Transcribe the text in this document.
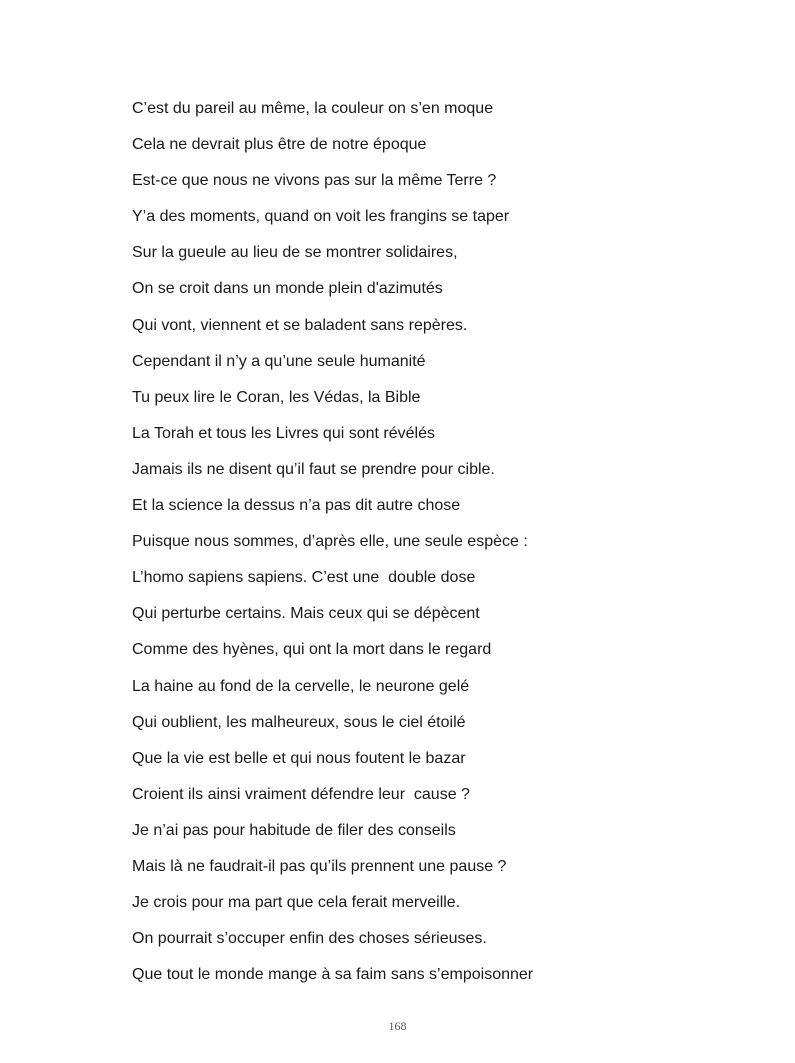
C’est du pareil au même, la couleur on s’en moque
Cela ne devrait plus être de notre époque
Est-ce que nous ne vivons pas sur la même Terre ?
Y’a des moments, quand on voit les frangins se taper
Sur la gueule au lieu de se montrer solidaires,
On se croit dans un monde plein d'azimutés
Qui vont, viennent et se baladent sans repères.
Cependant il n’y a qu’une seule humanité
Tu peux lire le Coran, les Védas, la Bible
La Torah et tous les Livres qui sont révélés
Jamais ils ne disent qu’il faut se prendre pour cible.
Et la science la dessus n’a pas dit autre chose
Puisque nous sommes, d’après elle, une seule espèce :
L’homo sapiens sapiens. C’est une  double dose
Qui perturbe certains. Mais ceux qui se dépècent
Comme des hyènes, qui ont la mort dans le regard
La haine au fond de la cervelle, le neurone gelé
Qui oublient, les malheureux, sous le ciel étoilé
Que la vie est belle et qui nous foutent le bazar
Croient ils ainsi vraiment défendre leur  cause ?
Je n’ai pas pour habitude de filer des conseils
Mais là ne faudrait-il pas qu’ils prennent une pause ?
Je crois pour ma part que cela ferait merveille.
On pourrait s’occuper enfin des choses sérieuses.
Que tout le monde mange à sa faim sans s’empoisonner
168
